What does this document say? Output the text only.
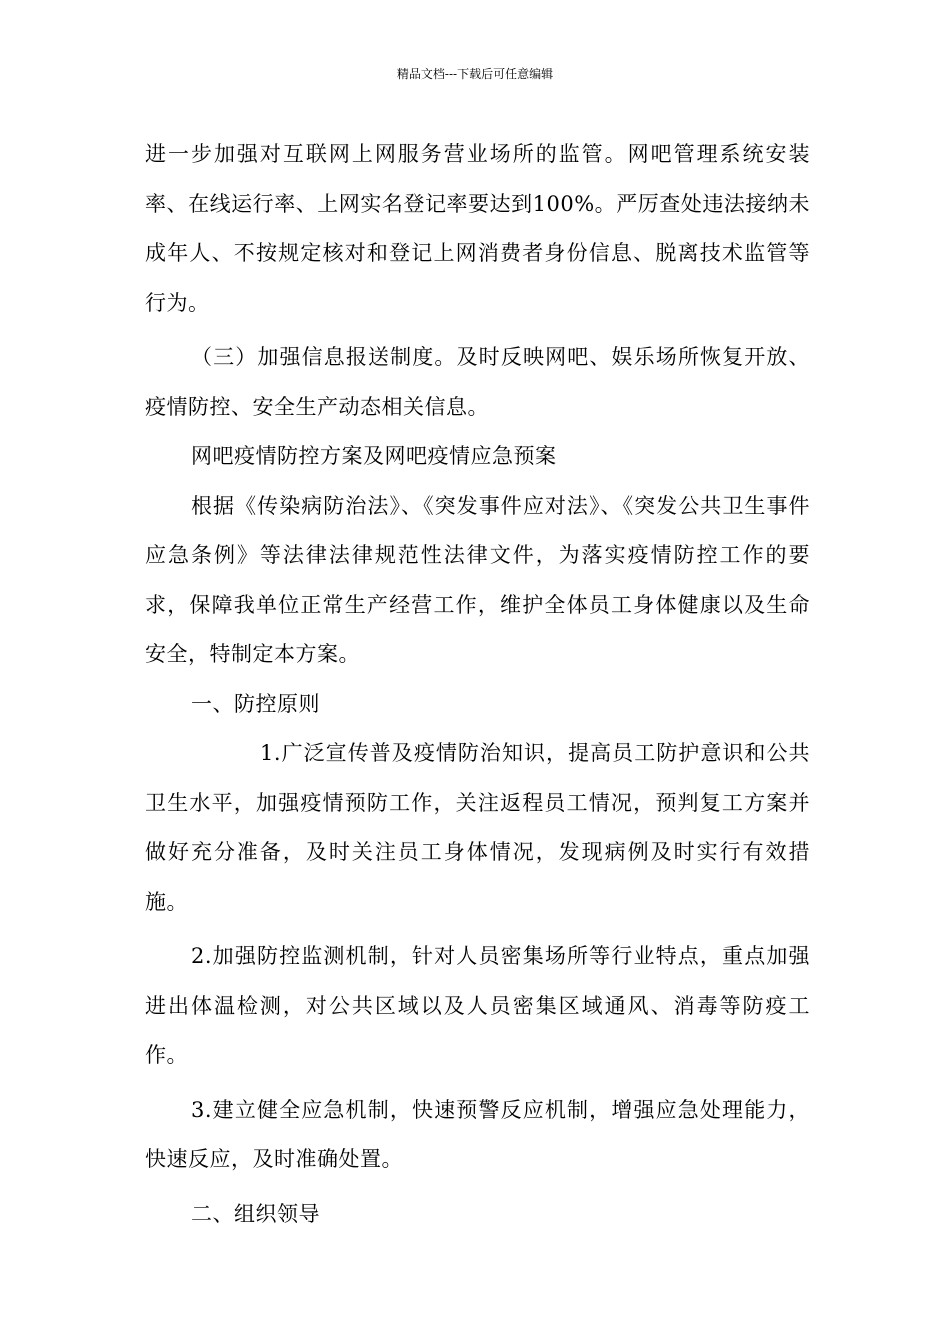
精品文档---下载后可任意编辑

进一步加强对互联网上网服务营业场所的监管。网吧管理系统安装率、在线运行率、上网实名登记率要达到100%。严厉查处违法接纳未成年人、不按规定核对和登记上网消费者身份信息、脱离技术监管等行为。

（三）加强信息报送制度。及时反映网吧、娱乐场所恢复开放、疫情防控、安全生产动态相关信息。

网吧疫情防控方案及网吧疫情应急预案

根据《传染病防治法》、《突发事件应对法》、《突发公共卫生事件应急条例》等法律法律规范性法律文件，为落实疫情防控工作的要求，保障我单位正常生产经营工作，维护全体员工身体健康以及生命安全，特制定本方案。

一、防控原则

1.广泛宣传普及疫情防治知识，提高员工防护意识和公共卫生水平，加强疫情预防工作，关注返程员工情况，预判复工方案并做好充分准备，及时关注员工身体情况，发现病例及时实行有效措施。

2.加强防控监测机制，针对人员密集场所等行业特点，重点加强进出体温检测，对公共区域以及人员密集区域通风、消毒等防疫工作。

3.建立健全应急机制，快速预警反应机制，增强应急处理能力，快速反应，及时准确处置。

二、组织领导
